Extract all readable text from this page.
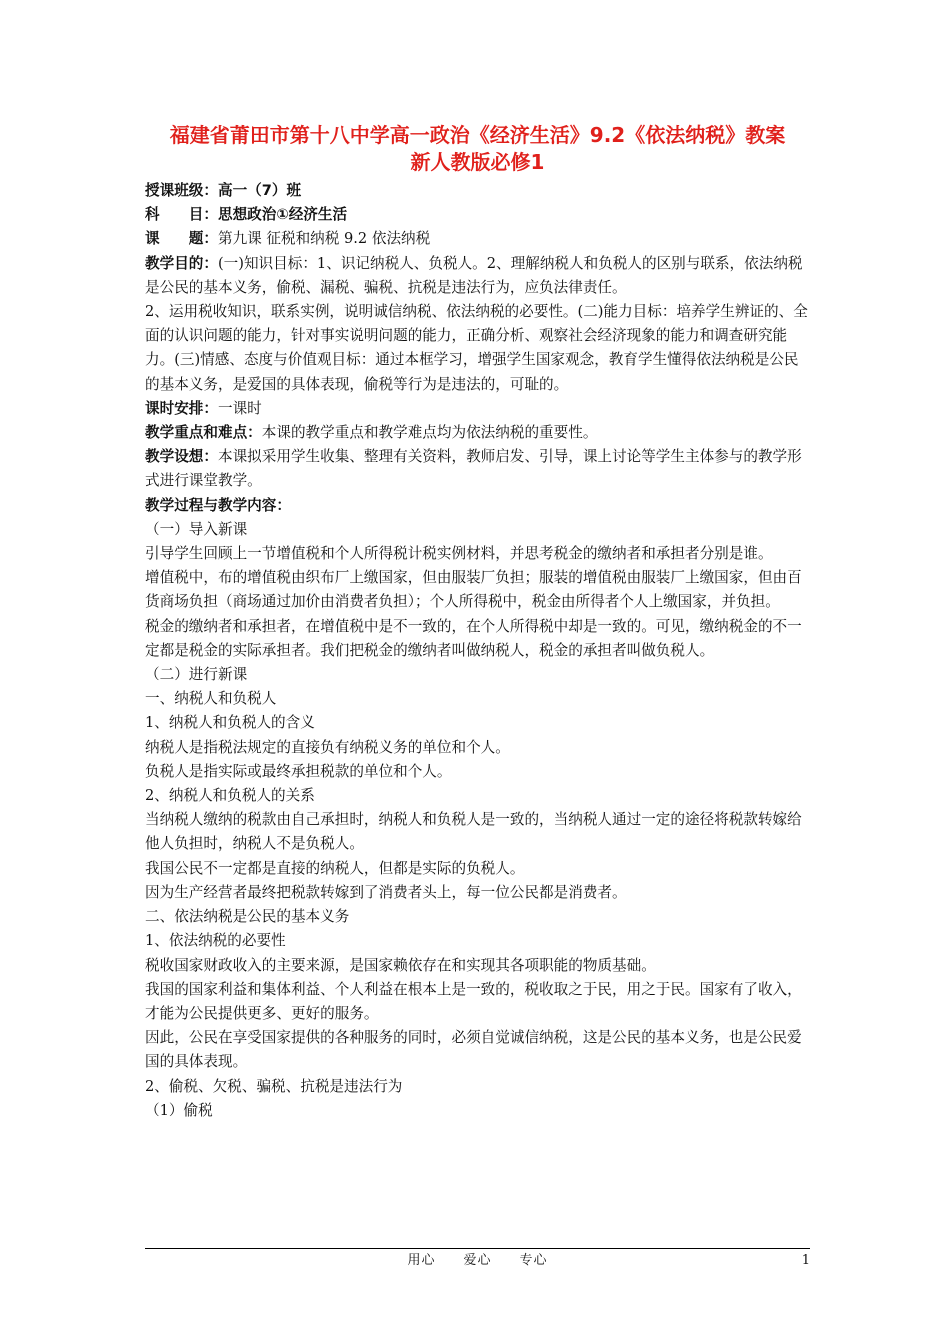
福建省莆田市第十八中学高一政治《经济生活》9.2《依法纳税》教案
新人教版必修1

授课班级：高一（7）班

科　　目：思想政治①经济生活

课　　题：第九课 征税和纳税 9.2 依法纳税

教学目的：(一)知识目标：1、识记纳税人、负税人。2、理解纳税人和负税人的区别与联系，依法纳税是公民的基本义务，偷税、漏税、骗税、抗税是违法行为，应负法律责任。

2、运用税收知识，联系实例，说明诚信纳税、依法纳税的必要性。(二)能力目标：培养学生辨证的、全面的认识问题的能力，针对事实说明问题的能力，正确分析、观察社会经济现象的能力和调查研究能力。(三)情感、态度与价值观目标：通过本框学习，增强学生国家观念，教育学生懂得依法纳税是公民的基本义务，是爱国的具体表现，偷税等行为是违法的，可耻的。

课时安排：一课时

教学重点和难点：本课的教学重点和教学难点均为依法纳税的重要性。

教学设想：本课拟采用学生收集、整理有关资料，教师启发、引导，课上讨论等学生主体参与的教学形式进行课堂教学。

教学过程与教学内容：

（一）导入新课

引导学生回顾上一节增值税和个人所得税计税实例材料，并思考税金的缴纳者和承担者分别是谁。

增值税中，布的增值税由织布厂上缴国家，但由服装厂负担；服装的增值税由服装厂上缴国家，但由百货商场负担（商场通过加价由消费者负担）；个人所得税中，税金由所得者个人上缴国家，并负担。

税金的缴纳者和承担者，在增值税中是不一致的，在个人所得税中却是一致的。可见，缴纳税金的不一定都是税金的实际承担者。我们把税金的缴纳者叫做纳税人，税金的承担者叫做负税人。

（二）进行新课

一、纳税人和负税人

1、纳税人和负税人的含义

纳税人是指税法规定的直接负有纳税义务的单位和个人。

负税人是指实际或最终承担税款的单位和个人。

2、纳税人和负税人的关系

当纳税人缴纳的税款由自己承担时，纳税人和负税人是一致的，当纳税人通过一定的途径将税款转嫁给他人负担时，纳税人不是负税人。

我国公民不一定都是直接的纳税人，但都是实际的负税人。

因为生产经营者最终把税款转嫁到了消费者头上，每一位公民都是消费者。

二、依法纳税是公民的基本义务

1、依法纳税的必要性

税收国家财政收入的主要来源，是国家赖依存在和实现其各项职能的物质基础。

我国的国家利益和集体利益、个人利益在根本上是一致的，税收取之于民，用之于民。国家有了收入，才能为公民提供更多、更好的服务。

因此，公民在享受国家提供的各种服务的同时，必须自觉诚信纳税，这是公民的基本义务，也是公民爱国的具体表现。

2、偷税、欠税、骗税、抗税是违法行为

（1）偷税

用心　　爱心　　专心	1
